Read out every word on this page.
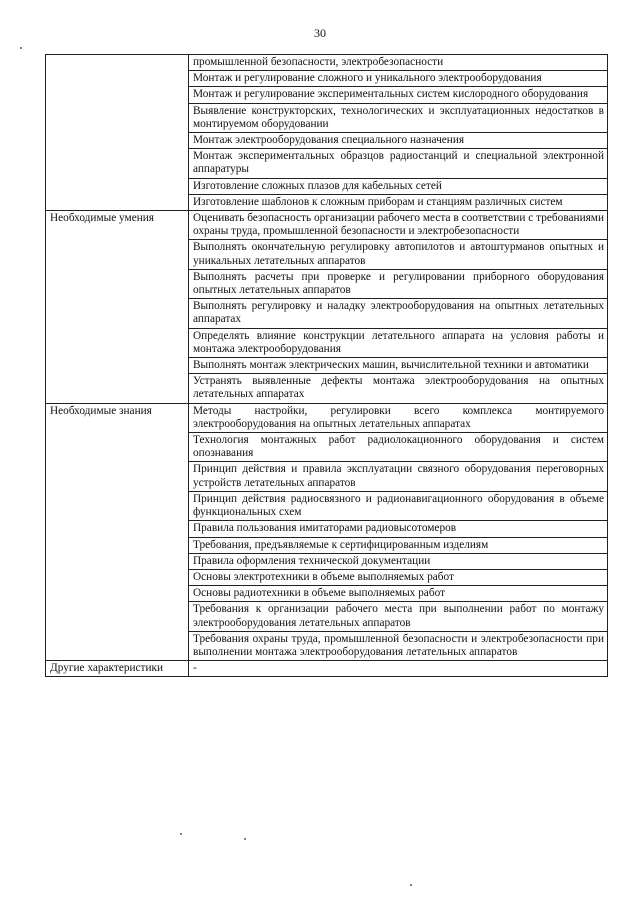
30
	промышленной безопасности, электробезопасности
	Монтаж и регулирование сложного и уникального электрооборудования
	Монтаж и регулирование экспериментальных систем кислородного оборудования
	Выявление конструкторских, технологических и эксплуатационных недостатков в монтируемом оборудовании
	Монтаж электрооборудования специального назначения
	Монтаж экспериментальных образцов радиостанций и специальной электронной аппаратуры
	Изготовление сложных плазов для кабельных сетей
	Изготовление шаблонов к сложным приборам и станциям различных систем
Необходимые умения	Оценивать безопасность организации рабочего места в соответствии с требованиями охраны труда, промышленной безопасности и электробезопасности
	Выполнять окончательную регулировку автопилотов и автоштурманов опытных и уникальных летательных аппаратов
	Выполнять расчеты при проверке и регулировании приборного оборудования опытных летательных аппаратов
	Выполнять регулировку и наладку электрооборудования на опытных летательных аппаратах
	Определять влияние конструкции летательного аппарата на условия работы и монтажа электрооборудования
	Выполнять монтаж электрических машин, вычислительной техники и автоматики
	Устранять выявленные дефекты монтажа электрооборудования на опытных летательных аппаратах
Необходимые знания	Методы настройки, регулировки всего комплекса монтируемого электрооборудования на опытных летательных аппаратах
	Технология монтажных работ радиолокационного оборудования и систем опознавания
	Принцип действия и правила эксплуатации связного оборудования переговорных устройств летательных аппаратов
	Принцип действия радиосвязного и радионавигационного оборудования в объеме функциональных схем
	Правила пользования имитаторами радиовысотомеров
	Требования, предъявляемые к сертифицированным изделиям
	Правила оформления технической документации
	Основы электротехники в объеме выполняемых работ
	Основы радиотехники в объеме выполняемых работ
	Требования к организации рабочего места при выполнении работ по монтажу электрооборудования летательных аппаратов
	Требования охраны труда, промышленной безопасности и электробезопасности при выполнении монтажа электрооборудования летательных аппаратов
Другие характеристики	-
